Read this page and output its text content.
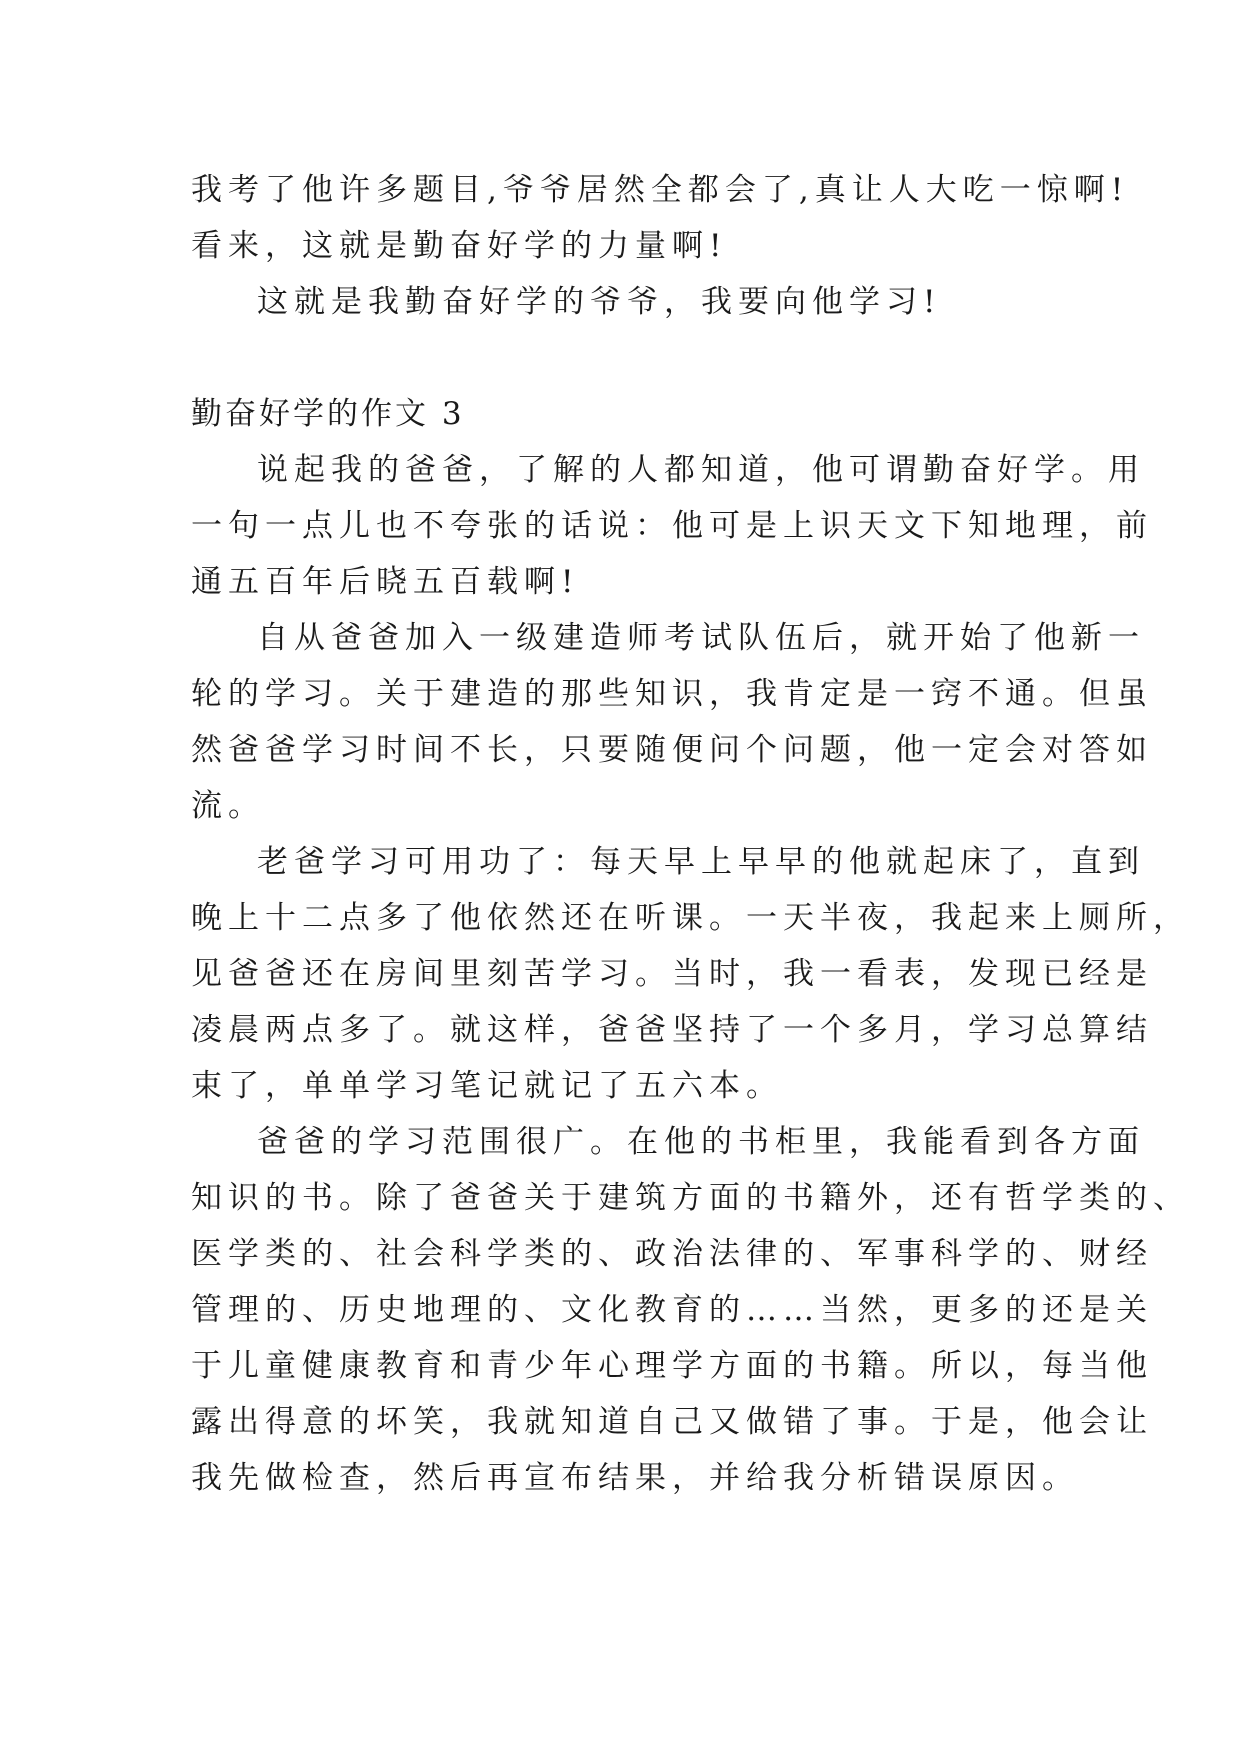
我考了他许多题目,爷爷居然全都会了,真让人大吃一惊啊!
看来，这就是勤奋好学的力量啊!
这就是我勤奋好学的爷爷，我要向他学习!
勤奋好学的作文 3
说起我的爸爸，了解的人都知道，他可谓勤奋好学。用
一句一点儿也不夸张的话说：他可是上识天文下知地理，前
通五百年后晓五百载啊!
自从爸爸加入一级建造师考试队伍后，就开始了他新一
轮的学习。关于建造的那些知识，我肯定是一窍不通。但虽
然爸爸学习时间不长，只要随便问个问题，他一定会对答如
流。
老爸学习可用功了：每天早上早早的他就起床了，直到
晚上十二点多了他依然还在听课。一天半夜，我起来上厕所，
见爸爸还在房间里刻苦学习。当时，我一看表，发现已经是
凌晨两点多了。就这样，爸爸坚持了一个多月，学习总算结
束了，单单学习笔记就记了五六本。
爸爸的学习范围很广。在他的书柜里，我能看到各方面
知识的书。除了爸爸关于建筑方面的书籍外，还有哲学类的、
医学类的、社会科学类的、政治法律的、军事科学的、财经
管理的、历史地理的、文化教育的……当然，更多的还是关
于儿童健康教育和青少年心理学方面的书籍。所以，每当他
露出得意的坏笑，我就知道自己又做错了事。于是，他会让
我先做检查，然后再宣布结果，并给我分析错误原因。
